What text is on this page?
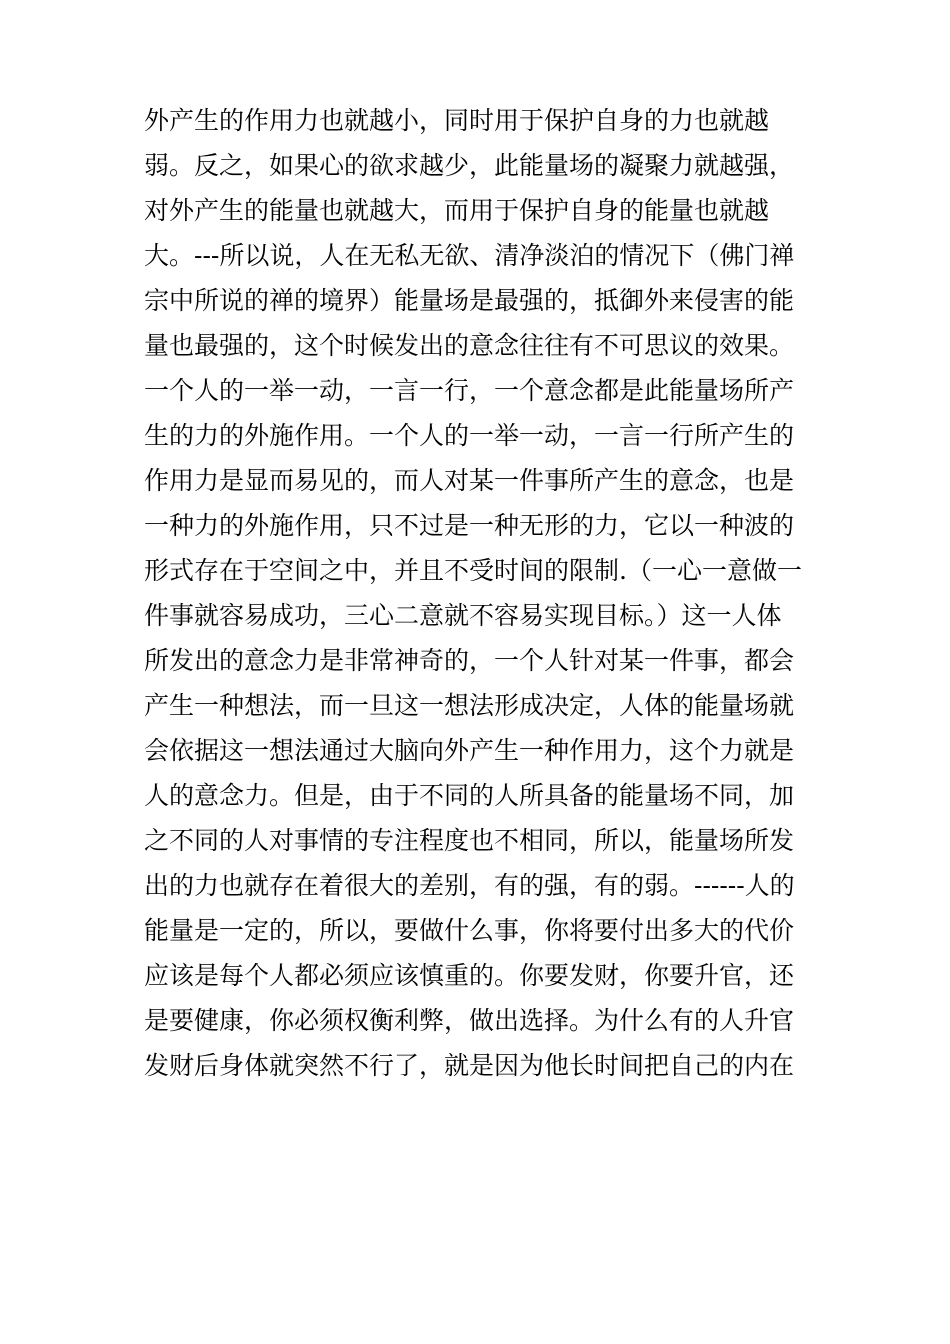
外产生的作用力也就越小，同时用于保护自身的力也就越
弱。反之，如果心的欲求越少，此能量场的凝聚力就越强，
对外产生的能量也就越大，而用于保护自身的能量也就越
大。---所以说，人在无私无欲、清净淡泊的情况下（佛门禅
宗中所说的禅的境界）能量场是最强的，抵御外来侵害的能
量也最强的，这个时候发出的意念往往有不可思议的效果。
一个人的一举一动，一言一行，一个意念都是此能量场所产
生的力的外施作用。一个人的一举一动，一言一行所产生的
作用力是显而易见的，而人对某一件事所产生的意念，也是
一种力的外施作用，只不过是一种无形的力，它以一种波的
形式存在于空间之中，并且不受时间的限制.（一心一意做一
件事就容易成功，三心二意就不容易实现目标。）这一人体
所发出的意念力是非常神奇的，一个人针对某一件事，都会
产生一种想法，而一旦这一想法形成决定，人体的能量场就
会依据这一想法通过大脑向外产生一种作用力，这个力就是
人的意念力。但是，由于不同的人所具备的能量场不同，加
之不同的人对事情的专注程度也不相同，所以，能量场所发
出的力也就存在着很大的差别，有的强，有的弱。------人的
能量是一定的，所以，要做什么事，你将要付出多大的代价
应该是每个人都必须应该慎重的。你要发财，你要升官，还
是要健康，你必须权衡利弊，做出选择。为什么有的人升官
发财后身体就突然不行了，就是因为他长时间把自己的内在
